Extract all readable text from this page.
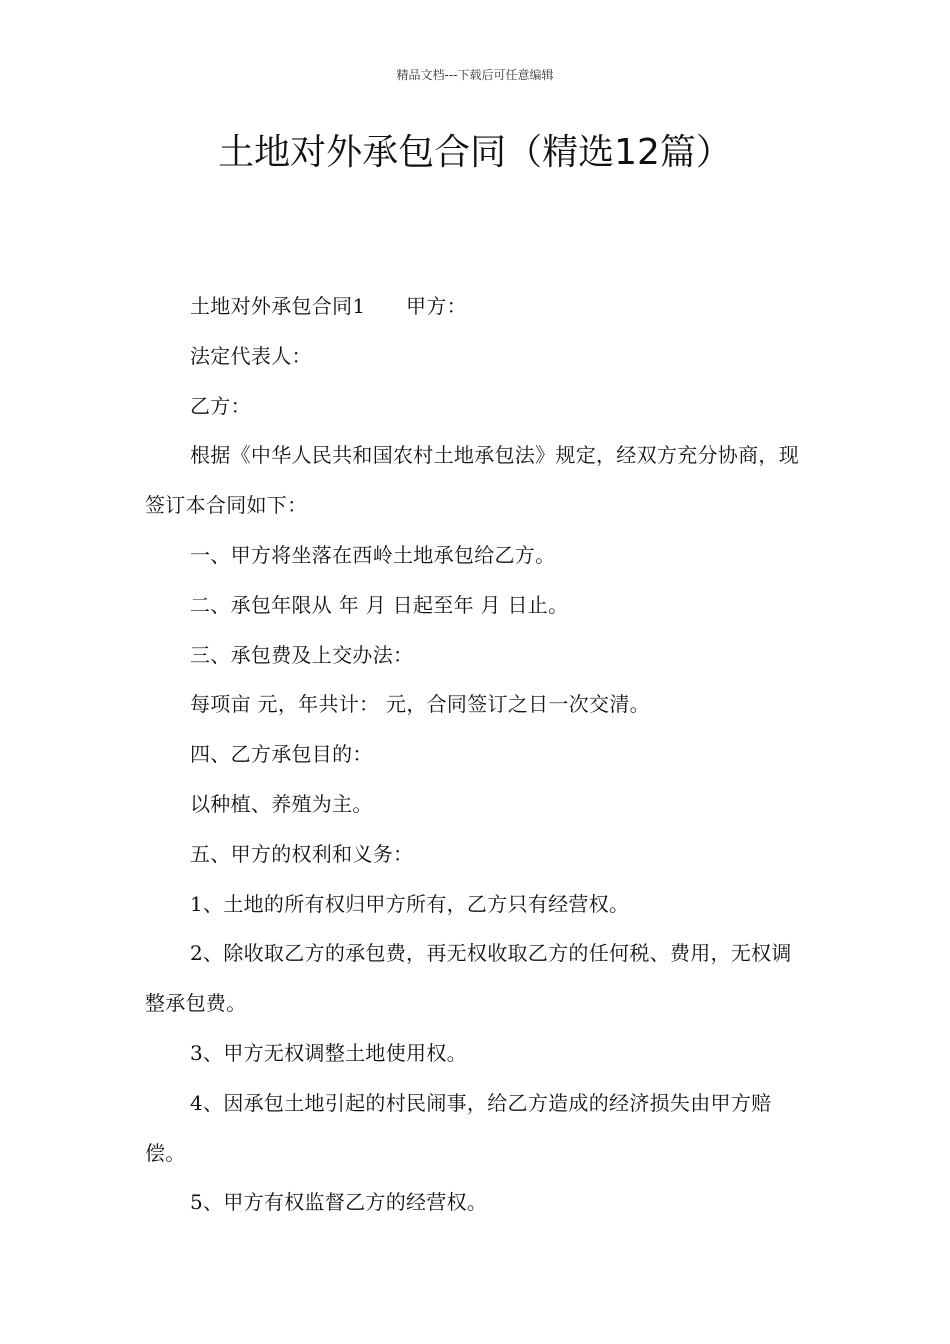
精品文档---下载后可任意编辑
土地对外承包合同（精选12篇）

土地对外承包合同1　　甲方：

法定代表人：

乙方：

根据《中华人民共和国农村土地承包法》规定，经双方充分协商，现签订本合同如下：

一、甲方将坐落在西岭土地承包给乙方。

二、承包年限从 年 月 日起至年 月 日止。

三、承包费及上交办法：

每项亩 元，年共计： 元，合同签订之日一次交清。

四、乙方承包目的：

以种植、养殖为主。

五、甲方的权利和义务：

1、土地的所有权归甲方所有，乙方只有经营权。

2、除收取乙方的承包费，再无权收取乙方的任何税、费用，无权调整承包费。

3、甲方无权调整土地使用权。

4、因承包土地引起的村民闹事，给乙方造成的经济损失由甲方赔偿。

5、甲方有权监督乙方的经营权。
